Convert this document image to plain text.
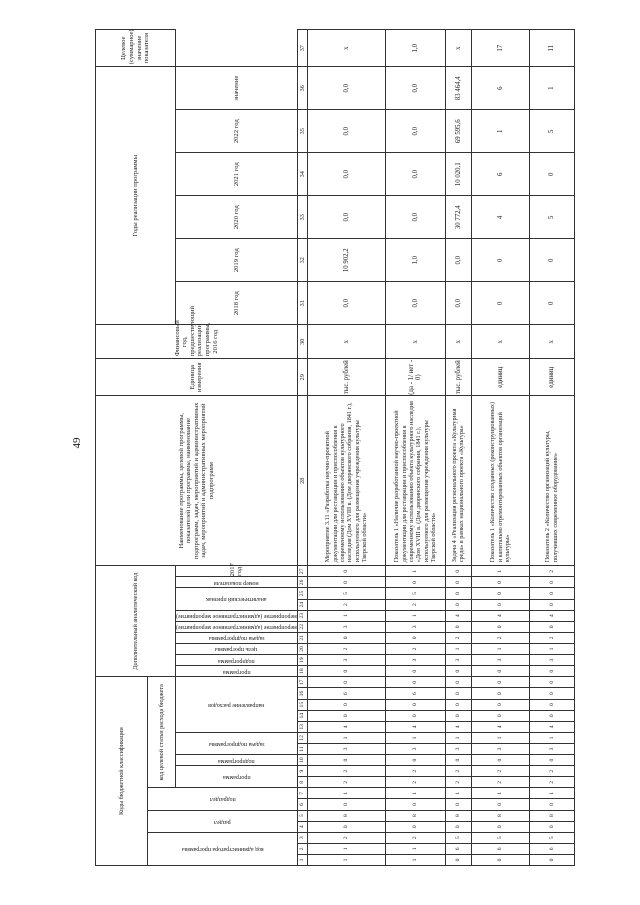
49
Коды бюджетной классификации																	Дополнительный аналитический код										Наименование программы, целевой программы, показателей цели программы, наименование подпрограмм, задач, мероприятий и административных задач, мероприятий и административных мероприятий подпрограмм	Единица измерения	Финансовый год, предшествующий реализации программы, 2016 год	Годы реализации программы						Целевое (суммарное) значение показателя

код администратора программы			раздел		подраздел		код целевой статьи расхода бюджета																													

							программа		подпрограмма	задача подпрограммы		направление расходов					программа	подпрограмма	цель программы	задача подпрограммы	мероприятие (административное мероприятие)	мероприятие (административное мероприятие)	аналитический признак		номер показателя	2017 год				2018 год	2019 год	2020 год	2021 год	2022 год	значение	

1	2	3	4	5	6	7	8	9	10	11	12	13	14	15	16	17	18	19	20	21	22	23	24	25	26	27	28	29	30	31	32	33	34	35	36	37
1	1	2	0	8	0	1	2	2	0	3	1	4	0	0	6	0	0	3	2	0	3	1	2	5	0	0	Мероприятие 3.11 «Разработка научно-проектной документации для реставрации и приспособления к современному использованию объектов культурного наследия (Дом XVIII в. (Дом дворянского собрания, 1841 г.), используемого для размещения учреждения культуры Тверской области»	тыс. рублей	х	0,0	10 902,2	0,0	0,0	0,0	0,0	х
1	1	2	0	8	0	1	2	2	0	3	1	4	0	0	6	0	0	3	2	0	3	1	2	5	0	1	Показатель 1 «Наличие разработанной научно-проектной документации для реставрации и приспособления к современному использованию объекта культурного наследия «Дом XVIII в. (Дом дворянского собрания, 1841 г.), используемого для размещения учреждения культуры Тверской области»	(да - 1/ нет - 0)	х	0,0	1,0	0,0	0,0	0,0	0,0	1,0
0	6	5	0	8	0	1	2	2	0	3	1	4	0	0	0	0	0	3	1	2	0	4	0	0	0	0	Задача 4 «Реализация регионального проекта «Культурная среда» в рамках национального проекта «Культура»	тыс. рублей	х	0,0	0,0	30 772,4	10 020,1	69 595,6	83 464,4	х
0	6	5	0	8	0	1	2	2	0	3	1	4	0	0	0	0	0	3	1	2	0	4	0	0	0	1	Показатель 1 «Количество созданных (реконструированных) и капитально отремонтированных объектов организаций культуры»	единиц	х	0	0	4	6	1	6	17
0	6	5	0	8	0	1	2	2	0	3	1	4	0	0	0	0	0	3	1	2	0	4	0	0	0	2	Показатель 2 «Количество организаций культуры, получивших современное оборудование»	единиц	х	0	0	5	0	5	1	11
